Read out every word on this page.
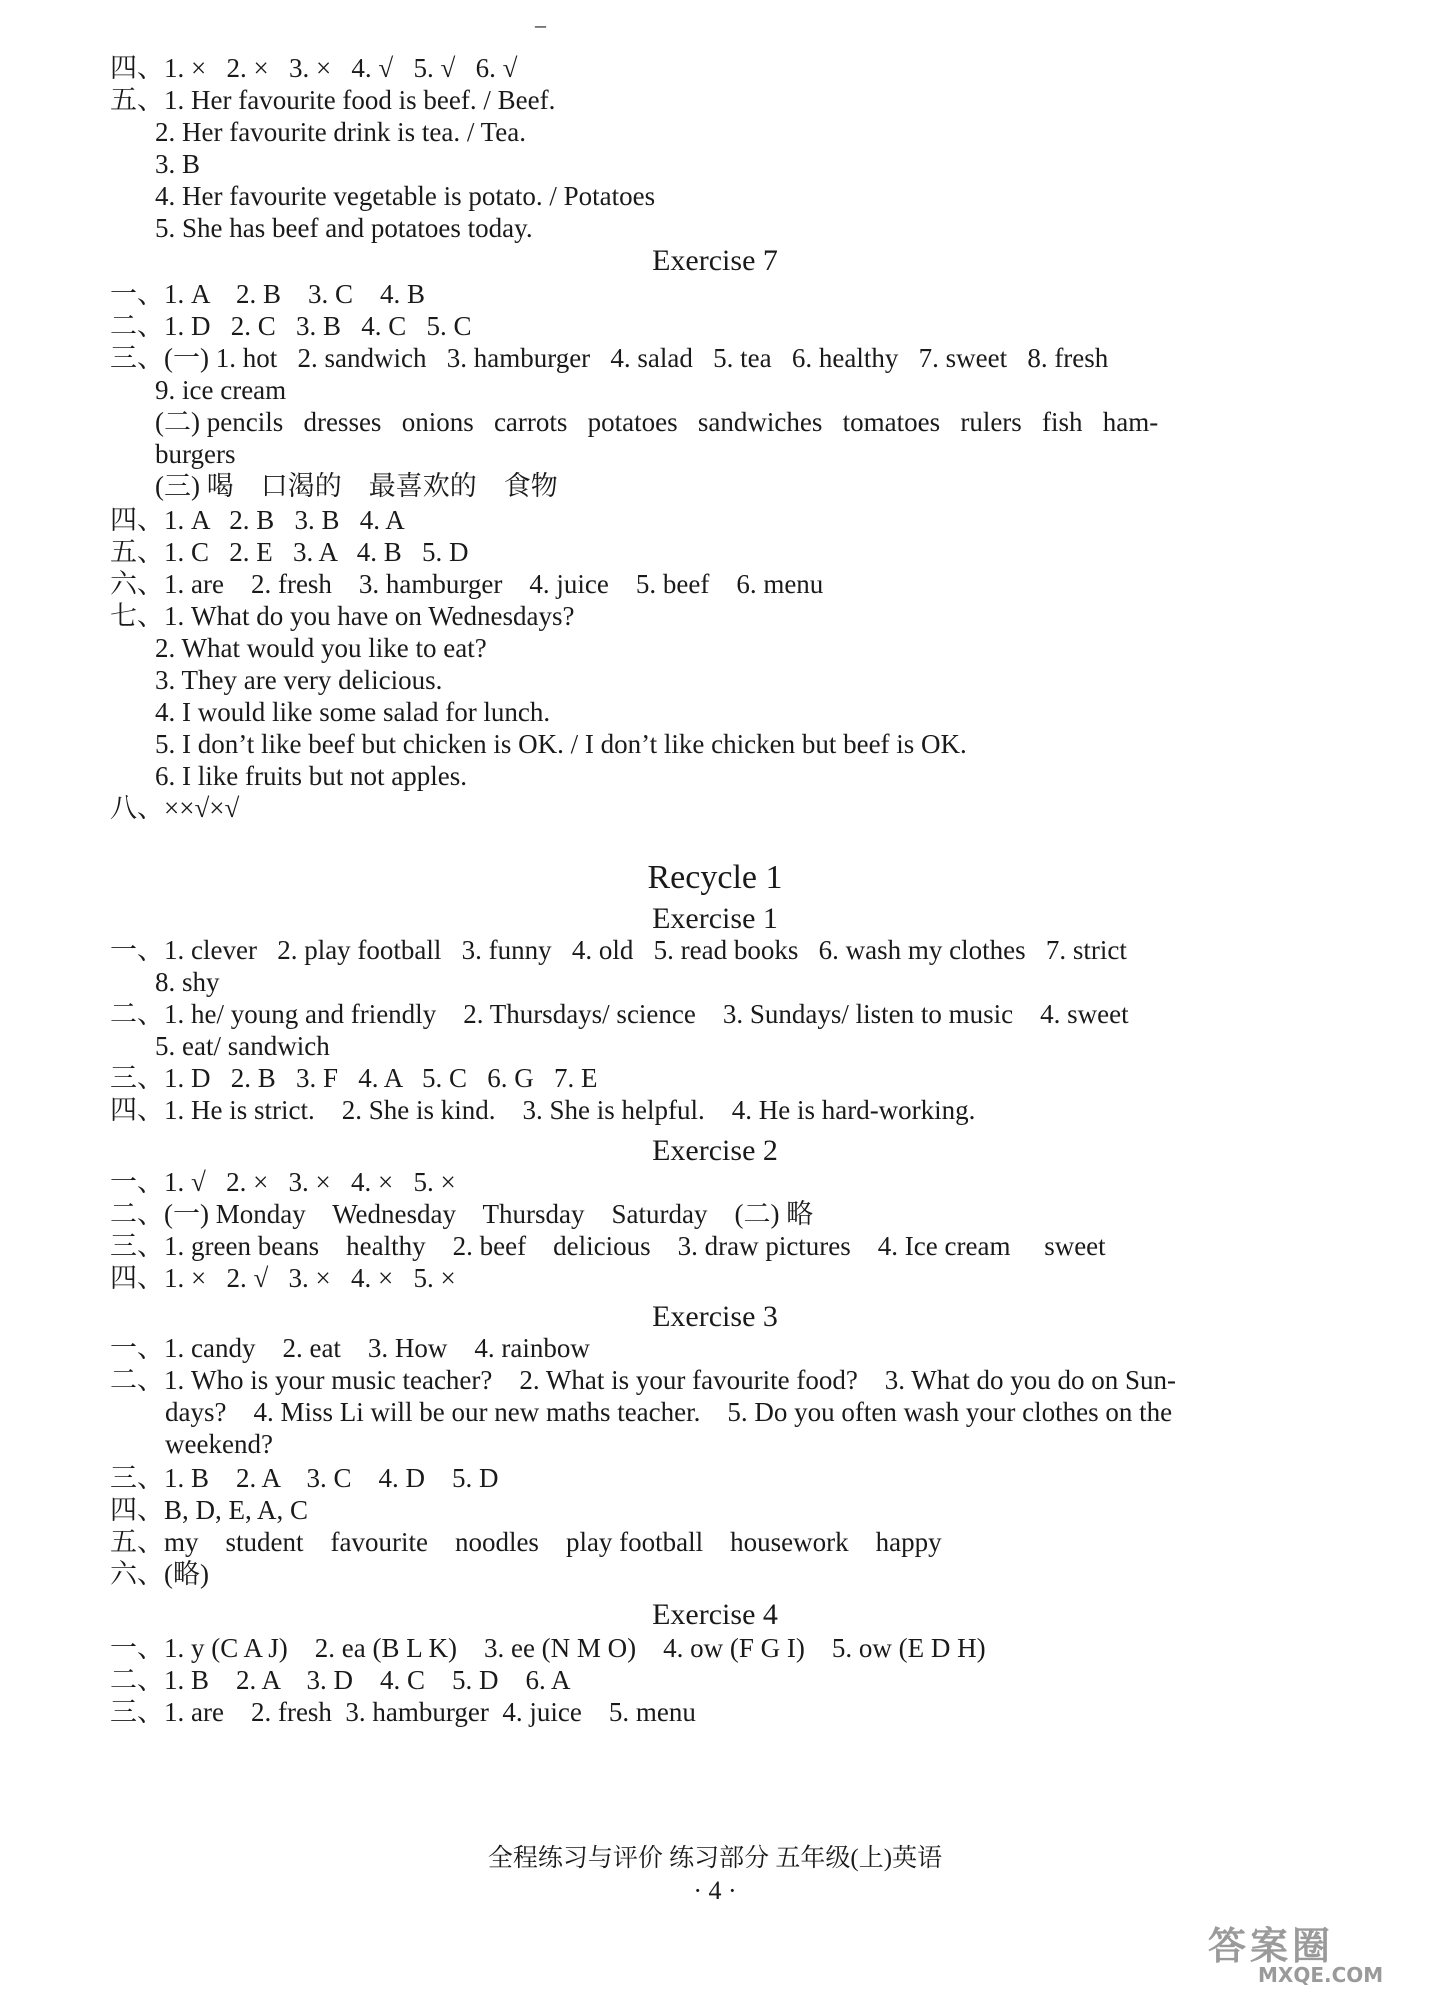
–
四、1. ×   2. ×   3. ×   4. √   5. √   6. √
五、1. Her favourite food is beef. / Beef.
2. Her favourite drink is tea. / Tea.
3. B
4. Her favourite vegetable is potato. / Potatoes
5. She has beef and potatoes today.
一、1. A    2. B    3. C    4. B
二、1. D   2. C   3. B   4. C   5. C
三、(一) 1. hot   2. sandwich   3. hamburger   4. salad   5. tea   6. healthy   7. sweet   8. fresh
9. ice cream
(二) pencils   dresses   onions   carrots   potatoes   sandwiches   tomatoes   rulers   fish   ham-
burgers
(三) 喝    口渴的    最喜欢的    食物
四、1. A   2. B   3. B   4. A
五、1. C   2. E   3. A   4. B   5. D
六、1. are    2. fresh    3. hamburger    4. juice    5. beef    6. menu
七、1. What do you have on Wednesdays?
2. What would you like to eat?
3. They are very delicious.
4. I would like some salad for lunch.
5. I don’t like beef but chicken is OK. / I don’t like chicken but beef is OK.
6. I like fruits but not apples.
八、××√×√
一、1. clever   2. play football   3. funny   4. old   5. read books   6. wash my clothes   7. strict
8. shy
二、1. he/ young and friendly    2. Thursdays/ science    3. Sundays/ listen to music    4. sweet
5. eat/ sandwich
三、1. D   2. B   3. F   4. A   5. C   6. G   7. E
四、1. He is strict.    2. She is kind.    3. She is helpful.    4. He is hard-working.
一、1. √   2. ×   3. ×   4. ×   5. ×
二、(一) Monday    Wednesday    Thursday    Saturday    (二) 略
三、1. green beans    healthy    2. beef    delicious    3. draw pictures    4. Ice cream     sweet
四、1. ×   2. √   3. ×   4. ×   5. ×
一、1. candy    2. eat    3. How    4. rainbow
二、1. Who is your music teacher?    2. What is your favourite food?    3. What do you do on Sun-
days?    4. Miss Li will be our new maths teacher.    5. Do you often wash your clothes on the
weekend?
三、1. B    2. A    3. C    4. D    5. D
四、B, D, E, A, C
五、my    student    favourite    noodles    play football    housework    happy
六、(略)
一、1. y (C A J)    2. ea (B L K)    3. ee (N M O)    4. ow (F G I)    5. ow (E D H)
二、1. B    2. A    3. D    4. C    5. D    6. A
三、1. are    2. fresh  3. hamburger  4. juice    5. menu
Exercise 7
Recycle 1
Exercise 1
Exercise 2
Exercise 3
Exercise 4
全程练习与评价 练习部分 五年级(上)英语
· 4 ·
答案圈
MXQE.COM
